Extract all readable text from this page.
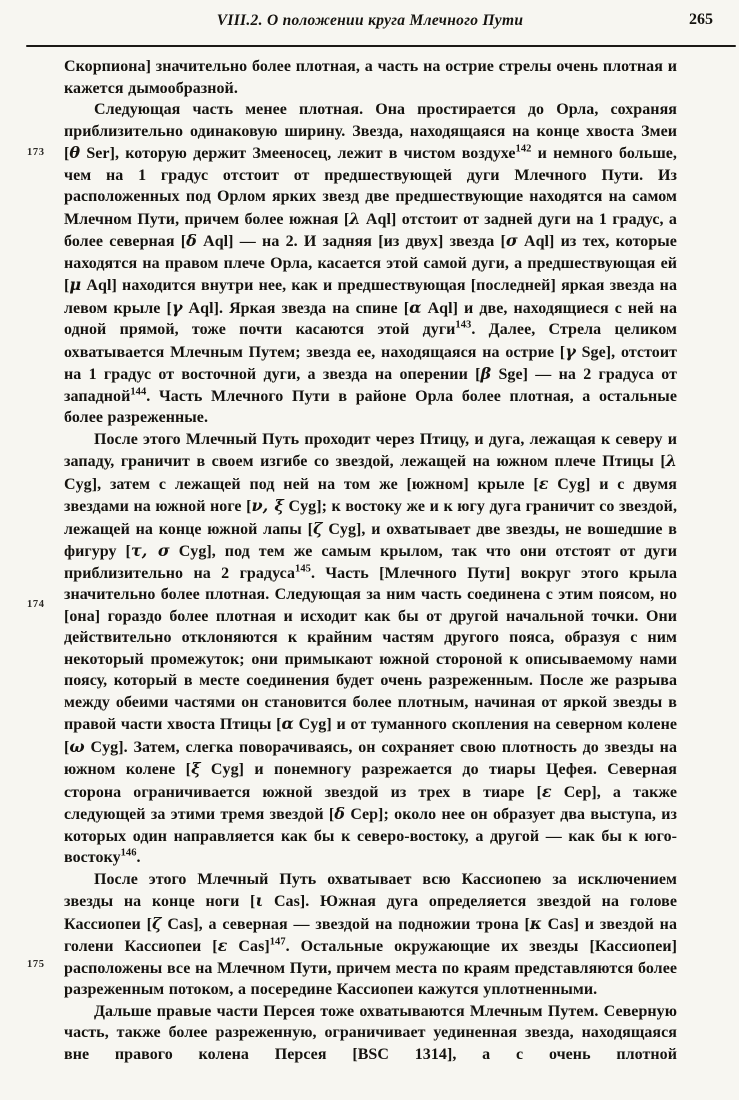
VIII.2. О положении круга Млечного Пути	265
173
174
175

Скорпиона] значительно более плотная, а часть на острие стрелы очень плотная и кажется дымообразной.

Следующая часть менее плотная. Она простирается до Орла, сохраняя приблизительно одинаковую ширину. Звезда, находящаяся на конце хвоста Змеи [θ Ser], которую держит Змееносец, лежит в чистом воздухе$^{142}$ и немного больше, чем на 1 градус отстоит от предшествующей дуги Млечного Пути. Из расположенных под Орлом ярких звезд две предшествующие находятся на самом Млечном Пути, причем более южная [λ Aql] отстоит от задней дуги на 1 градус, а более северная [δ Aql] — на 2. И задняя [из двух] звезда [σ Aql] из тех, которые находятся на правом плече Орла, касается этой самой дуги, а предшествующая ей [μ Aql] находится внутри нее, как и предшествующая [последней] яркая звезда на левом крыле [γ Aql]. Яркая звезда на спине [α Aql] и две, находящиеся с ней на одной прямой, тоже почти касаются этой дуги$^{143}$. Далее, Стрела целиком охватывается Млечным Путем; звезда ее, находящаяся на острие [γ Sge], отстоит на 1 градус от восточной дуги, а звезда на оперении [β Sge] — на 2 градуса от западной$^{144}$. Часть Млечного Пути в районе Орла более плотная, а остальные более разреженные.

После этого Млечный Путь проходит через Птицу, и дуга, лежащая к северу и западу, граничит в своем изгибе со звездой, лежащей на южном плече Птицы [λ Cyg], затем с лежащей под ней на том же [южном] крыле [ε Cyg] и с двумя звездами на южной ноге [ν, ξ Cyg]; к востоку же и к югу дуга граничит со звездой, лежащей на конце южной лапы [ζ Cyg], и охватывает две звезды, не вошедшие в фигуру [τ, σ Cyg], под тем же самым крылом, так что они отстоят от дуги приблизительно на 2 градуса$^{145}$. Часть [Млечного Пути] вокруг этого крыла значительно более плотная. Следующая за ним часть соединена с этим поясом, но [она] гораздо более плотная и исходит как бы от другой начальной точки. Они действительно отклоняются к крайним частям другого пояса, образуя с ним некоторый промежуток; они примыкают южной стороной к описываемому нами поясу, который в месте соединения будет очень разреженным. После же разрыва между обеими частями он становится более плотным, начиная от яркой звезды в правой части хвоста Птицы [α Cyg] и от туманного скопления на северном колене [ω Cyg]. Затем, слегка поворачиваясь, он сохраняет свою плотность до звезды на южном колене [ξ Cyg] и понемногу разрежается до тиары Цефея. Северная сторона ограничивается южной звездой из трех в тиаре [ε Cep], а также следующей за этими тремя звездой [δ Cep]; около нее он образует два выступа, из которых один направляется как бы к северо-востоку, а другой — как бы к юго-востоку$^{146}$.

После этого Млечный Путь охватывает всю Кассиопею за исключением звезды на конце ноги [ι Cas]. Южная дуга определяется звездой на голове Кассиопеи [ζ Cas], а северная — звездой на подножии трона [κ Cas] и звездой на голени Кассиопеи [ε Cas]$^{147}$. Остальные окружающие их звезды [Кассиопеи] расположены все на Млечном Пути, причем места по краям представляются более разреженным потоком, а посередине Кассиопеи кажутся уплотненными.

Дальше правые части Персея тоже охватываются Млечным Путем. Северную часть, также более разреженную, ограничивает уединенная звезда, находящаяся вне правого колена Персея [BSC 1314], а с очень плотной
